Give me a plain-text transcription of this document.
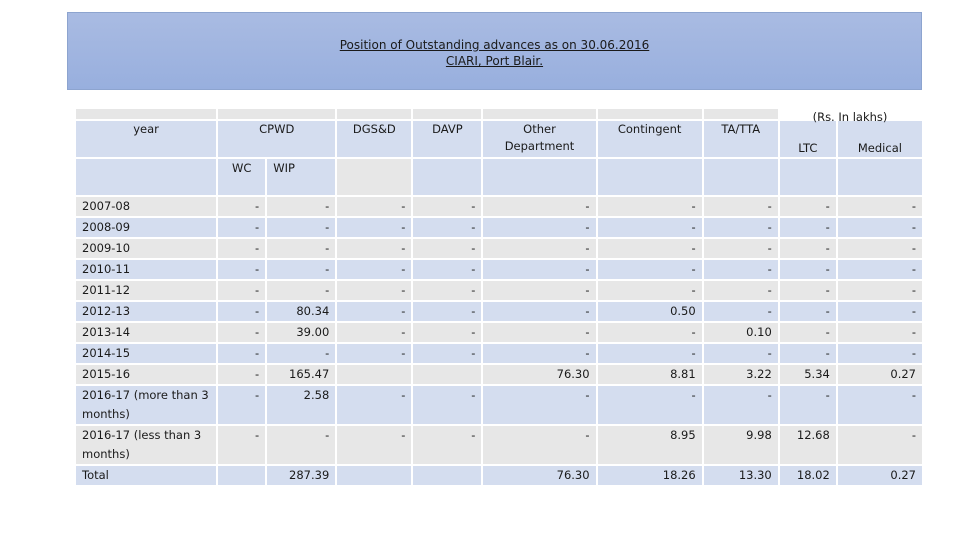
Position of Outstanding advances as on 30.06.2016
CIARI, Port Blair.

year	CPWD		DGS&D	DAVP	Other Department	Contingent	TA/TTA	LTC	Medical
	WC	WIP							
2007-08	-	-	-	-	-	-	-	-	-
2008-09	-	-	-	-	-	-	-	-	-
2009-10	-	-	-	-	-	-	-	-	-
2010-11	-	-	-	-	-	-	-	-	-
2011-12	-	-	-	-	-	-	-	-	-
2012-13	-	80.34	-	-	-	0.50	-	-	-
2013-14	-	39.00	-	-	-	-	0.10	-	-
2014-15	-	-	-	-	-	-	-	-	-
2015-16	-	165.47			76.30	8.81	3.22	5.34	0.27
2016-17 (more than 3 months)	-	2.58	-	-	-	-	-	-	-
2016-17 (less than 3 months)	-	-	-	-	-	8.95	9.98	12.68	-
Total		287.39			76.30	18.26	13.30	18.02	0.27
(Rs. In lakhs)
